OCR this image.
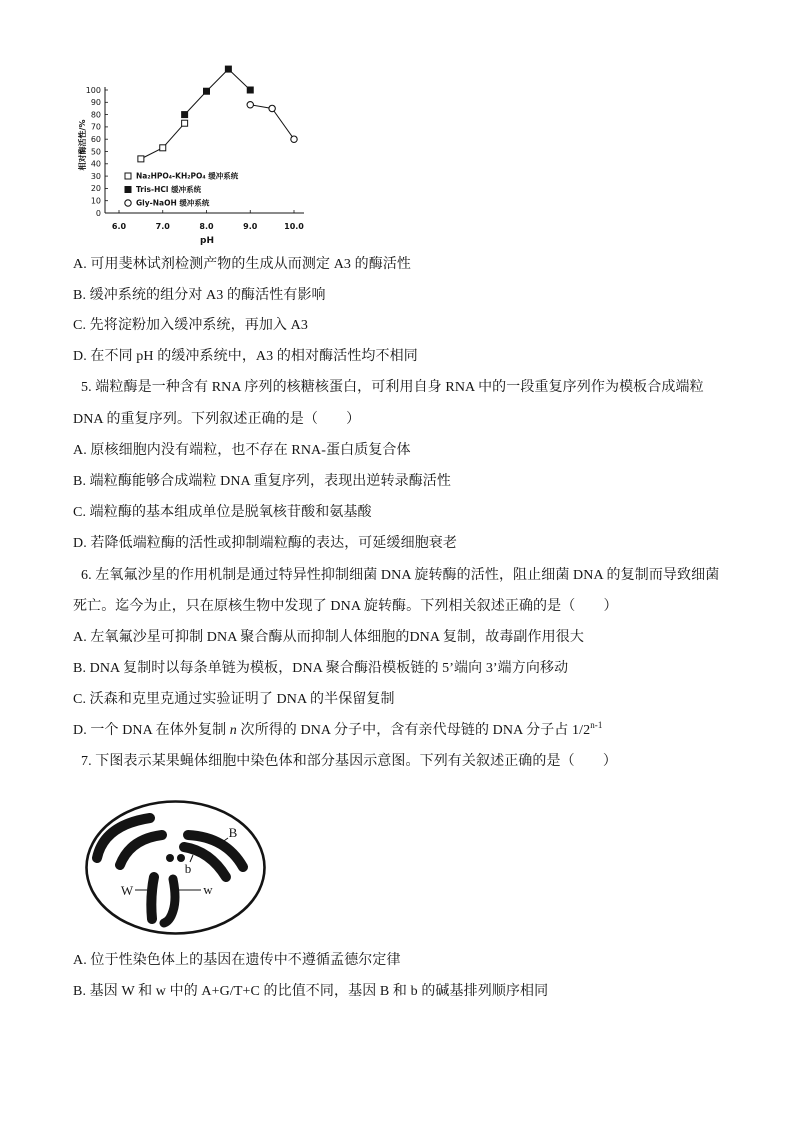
0
10
20
30
40
50
60
70
80
90
100
6.0	7.0	8.0	9.0	10.0
pH
相对酶活性/%
Na₂HPO₄-KH₂PO₄ 缓冲系统
Tris-HCl 缓冲系统
Gly-NaOH 缓冲系统
A. 可用斐林试剂检测产物的生成从而测定 A3 的酶活性
B. 缓冲系统的组分对 A3 的酶活性有影响
C. 先将淀粉加入缓冲系统，再加入 A3
D. 在不同 pH 的缓冲系统中，A3 的相对酶活性均不相同
5. 端粒酶是一种含有 RNA 序列的核糖核蛋白，可利用自身 RNA 中的一段重复序列作为模板合成端粒
DNA 的重复序列。下列叙述正确的是（　　）
A. 原核细胞内没有端粒，也不存在 RNA-蛋白质复合体
B. 端粒酶能够合成端粒 DNA 重复序列，表现出逆转录酶活性
C. 端粒酶的基本组成单位是脱氧核苷酸和氨基酸
D. 若降低端粒酶的活性或抑制端粒酶的表达，可延缓细胞衰老
6. 左氧氟沙星的作用机制是通过特异性抑制细菌 DNA 旋转酶的活性，阻止细菌 DNA 的复制而导致细菌
死亡。迄今为止，只在原核生物中发现了 DNA 旋转酶。下列相关叙述正确的是（　　）
A. 左氧氟沙星可抑制 DNA 聚合酶从而抑制人体细胞的DNA 复制，故毒副作用很大
B. DNA 复制时以每条单链为模板，DNA 聚合酶沿模板链的 5’端向 3’端方向移动
C. 沃森和克里克通过实验证明了 DNA 的半保留复制
D. 一个 DNA 在体外复制 n 次所得的 DNA 分子中，含有亲代母链的 DNA 分子占 1/2$^{n-1}$
7. 下图表示某果蝇体细胞中染色体和部分基因示意图。下列有关叙述正确的是（　　）
B
b
W	w
A. 位于性染色体上的基因在遗传中不遵循孟德尔定律
B. 基因 W 和 w 中的 A+G/T+C 的比值不同，基因 B 和 b 的碱基排列顺序相同
